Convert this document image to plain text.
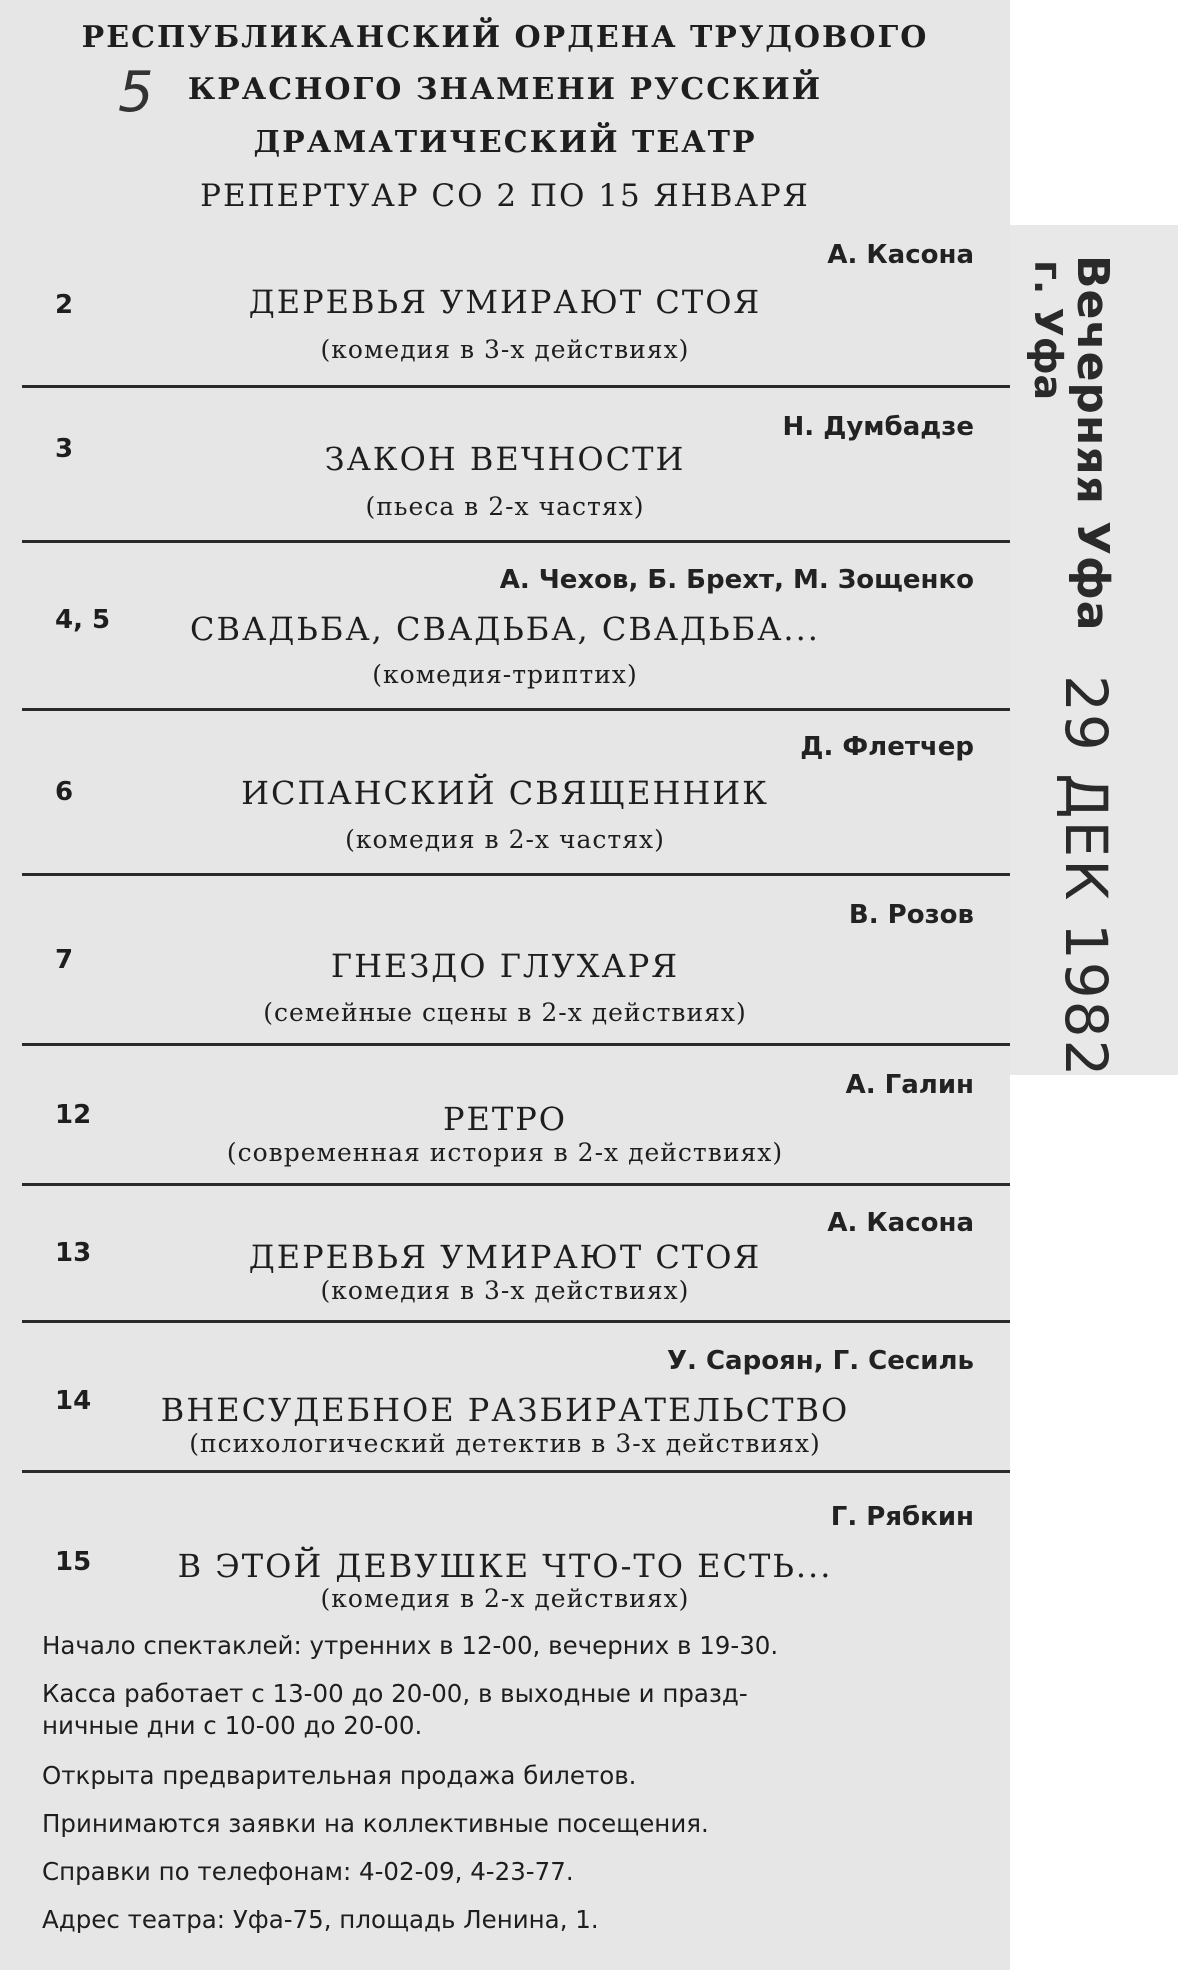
5
РЕСПУБЛИКАНСКИЙ ОРДЕНА ТРУДОВОГО
КРАСНОГО ЗНАМЕНИ РУССКИЙ
ДРАМАТИЧЕСКИЙ ТЕАТР
РЕПЕРТУАР СО 2 ПО 15 ЯНВАРЯ
А. Касона
2	ДЕРЕВЬЯ УМИРАЮТ СТОЯ
(комедия в 3-х действиях)
Н. Думбадзе
3	ЗАКОН ВЕЧНОСТИ
(пьеса в 2-х частях)
А. Чехов, Б. Брехт, М. Зощенко
4, 5	СВАДЬБА, СВАДЬБА, СВАДЬБА...
(комедия-триптих)
Д. Флетчер
6	ИСПАНСКИЙ СВЯЩЕННИК
(комедия в 2-х частях)
В. Розов
7	ГНЕЗДО ГЛУХАРЯ
(семейные сцены в 2-х действиях)
А. Галин
12	РЕТРО
(современная история в 2-х действиях)
А. Касона
13	ДЕРЕВЬЯ УМИРАЮТ СТОЯ
(комедия в 3-х действиях)
У. Сароян, Г. Сесиль
14	ВНЕСУДЕБНОЕ РАЗБИРАТЕЛЬСТВО
(психологический детектив в 3-х действиях)
Г. Рябкин
15	В ЭТОЙ ДЕВУШКЕ ЧТО-ТО ЕСТЬ...
(комедия в 2-х действиях)
Начало спектаклей: утренних в 12-00, вечерних в 19-30.
Касса работает с 13-00 до 20-00, в выходные и празд-
ничные дни с 10-00 до 20-00.
Открыта предварительная продажа билетов.
Принимаются заявки на коллективные посещения.
Справки по телефонам: 4-02-09, 4-23-77.
Адрес театра: Уфа-75, площадь Ленина, 1.
Вечерняя Уфа
г. Уфа
29 ДЕК 1982
